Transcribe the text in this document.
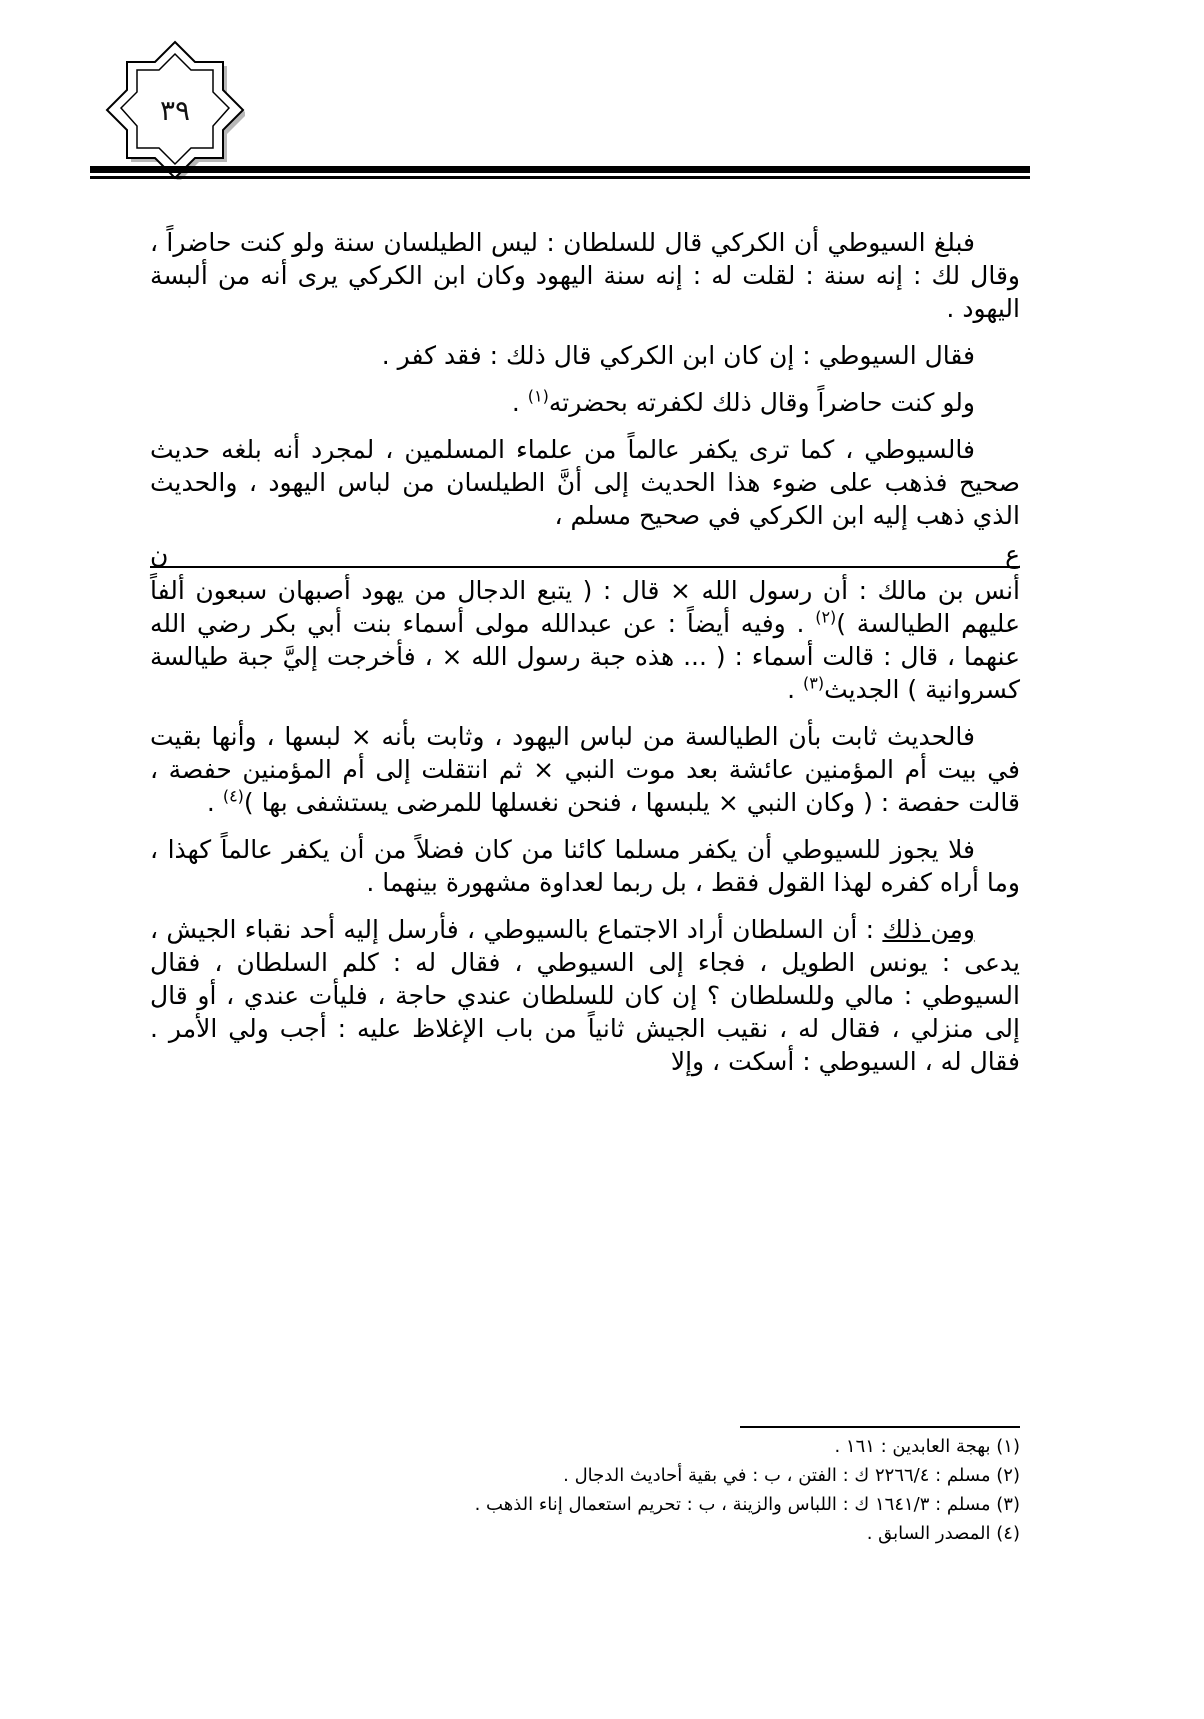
٣٩

فبلغ السيوطي أن الكركي قال للسلطان : ليس الطيلسان سنة ولو كنت حاضراً ، وقال لك : إنه سنة : لقلت له : إنه سنة اليهود وكان ابن الكركي يرى أنه من ألبسة اليهود .

فقال السيوطي : إن كان ابن الكركي قال ذلك : فقد كفر .

ولو كنت حاضراً وقال ذلك لكفرته بحضرته$^{(١)}$ .

فالسيوطي ، كما ترى يكفر عالماً من علماء المسلمين ، لمجرد أنه بلغه حديث صحيح فذهب على ضوء هذا الحديث إلى أنَّ الطيلسان من لباس اليهود ، والحديث الذي ذهب إليه ابن الكركي في صحيح مسلم ،

ع
ن

أنس بن مالك : أن رسول الله × قال : ( يتبع الدجال من يهود أصبهان سبعون ألفاً عليهم الطيالسة )$^{(٢)}$ . وفيه أيضاً : عن عبدالله مولى أسماء بنت أبي بكر رضي الله عنهما ، قال : قالت أسماء : ( ... هذه جبة رسول الله × ، فأخرجت إليَّ جبة طيالسة كسروانية ) الجديث$^{(٣)}$ .

فالحديث ثابت بأن الطيالسة من لباس اليهود ، وثابت بأنه × لبسها ، وأنها بقيت في بيت أم المؤمنين عائشة بعد موت النبي × ثم انتقلت إلى أم المؤمنين حفصة ، قالت حفصة : ( وكان النبي × يلبسها ، فنحن نغسلها للمرضى يستشفى بها )$^{(٤)}$ .

فلا يجوز للسيوطي أن يكفر مسلما كائنا من كان فضلاً من أن يكفر عالماً كهذا ، وما أراه كفره لهذا القول فقط ، بل ربما لعداوة مشهورة بينهما .

ومن ذلك : أن السلطان أراد الاجتماع بالسيوطي ، فأرسل إليه أحد نقباء الجيش ، يدعى : يونس الطويل ، فجاء إلى السيوطي ، فقال له : كلم السلطان ، فقال السيوطي : مالي وللسلطان ؟ إن كان للسلطان عندي حاجة ، فليأت عندي ، أو قال إلى منزلي ، فقال له ، نقيب الجيش ثانياً من باب الإغلاظ عليه : أجب ولي الأمر . فقال له ، السيوطي : أسكت ، وإلا

(١) بهجة العابدين : ١٦١ .
(٢) مسلم : ٢٢٦٦/٤ ك : الفتن ، ب : في بقية أحاديث الدجال .
(٣) مسلم : ١٦٤١/٣ ك : اللباس والزينة ، ب : تحريم استعمال إناء الذهب .
(٤) المصدر السابق .
